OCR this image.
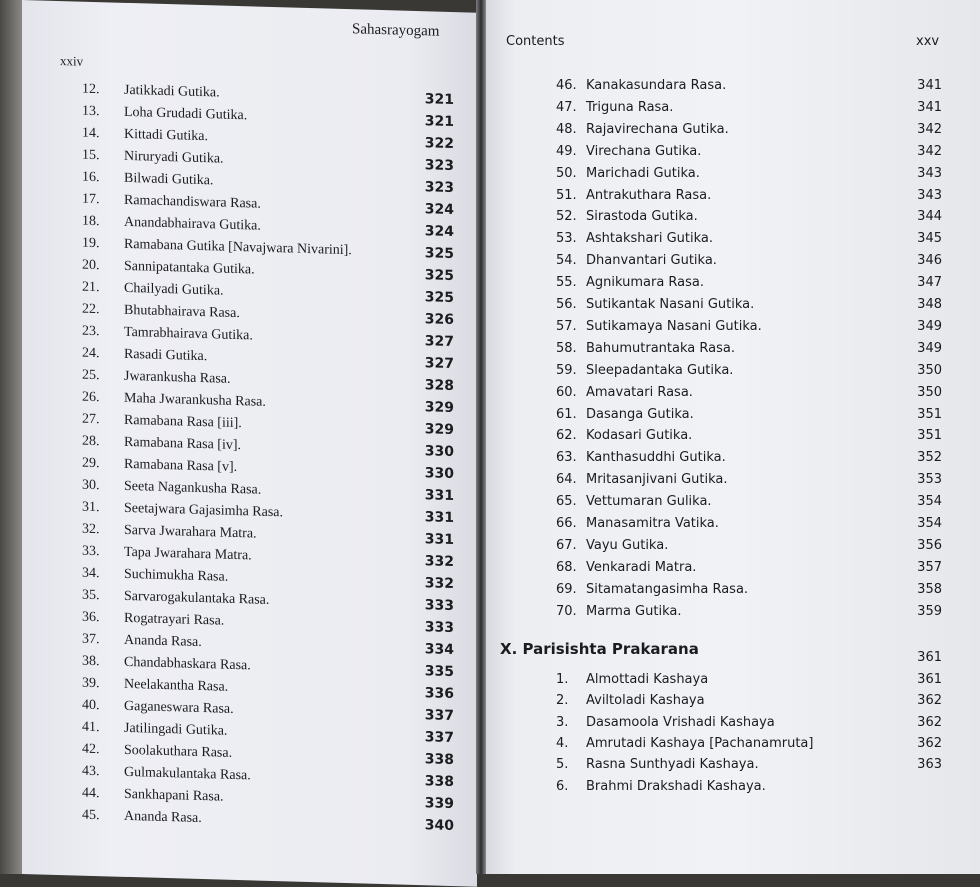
Sahasrayogam
xxiv
12. Jatikkadi Gutika.	321
13. Loha Grudadi Gutika.	321
14. Kittadi Gutika.	322
15. Niruryadi Gutika.	323
16. Bilwadi Gutika.	323
17. Ramachandiswara Rasa.	324
18. Anandabhairava Gutika.	324
19. Ramabana Gutika [Navajwara Nivarini].	325
20. Sannipatantaka Gutika.	325
21. Chailyadi Gutika.	325
22. Bhutabhairava Rasa.	326
23. Tamrabhairava Gutika.	327
24. Rasadi Gutika.	327
25. Jwarankusha Rasa.	328
26. Maha Jwarankusha Rasa.	329
27. Ramabana Rasa [iii].	329
28. Ramabana Rasa [iv].	330
29. Ramabana Rasa [v].	330
30. Seeta Nagankusha Rasa.	331
31. Seetajwara Gajasimha Rasa.	331
32. Sarva Jwarahara Matra.	331
33. Tapa Jwarahara Matra.	332
34. Suchimukha Rasa.	332
35. Sarvarogakulantaka Rasa.	333
36. Rogatrayari Rasa.	333
37. Ananda Rasa.	334
38. Chandabhaskara Rasa.	335
39. Neelakantha Rasa.	336
40. Gaganeswara Rasa.	337
41. Jatilingadi Gutika.	337
42. Soolakuthara Rasa.	338
43. Gulmakulantaka Rasa.	338
44. Sankhapani Rasa.	339
45. Ananda Rasa.	340
Contents	xxv
46. Kanakasundara Rasa.	341
47. Triguna Rasa.	341
48. Rajavirechana Gutika.	342
49. Virechana Gutika.	342
50. Marichadi Gutika.	343
51. Antrakuthara Rasa.	343
52. Sirastoda Gutika.	344
53. Ashtakshari Gutika.	345
54. Dhanvantari Gutika.	346
55. Agnikumara Rasa.	347
56. Sutikantak Nasani Gutika.	348
57. Sutikamaya Nasani Gutika.	349
58. Bahumutrantaka Rasa.	349
59. Sleepadantaka Gutika.	350
60. Amavatari Rasa.	350
61. Dasanga Gutika.	351
62. Kodasari Gutika.	351
63. Kanthasuddhi Gutika.	352
64. Mritasanjivani Gutika.	353
65. Vettumaran Gulika.	354
66. Manasamitra Vatika.	354
67. Vayu Gutika.	356
68. Venkaradi Matra.	357
69. Sitamatangasimha Rasa.	358
70. Marma Gutika.	359
X. Parisishta Prakarana	361
1. Almottadi Kashaya	361
2. Aviltoladi Kashaya	362
3. Dasamoola Vrishadi Kashaya	362
4. Amrutadi Kashaya [Pachanamruta]	362
5. Rasna Sunthyadi Kashaya.	363
6. Brahmi Drakshadi Kashaya.
